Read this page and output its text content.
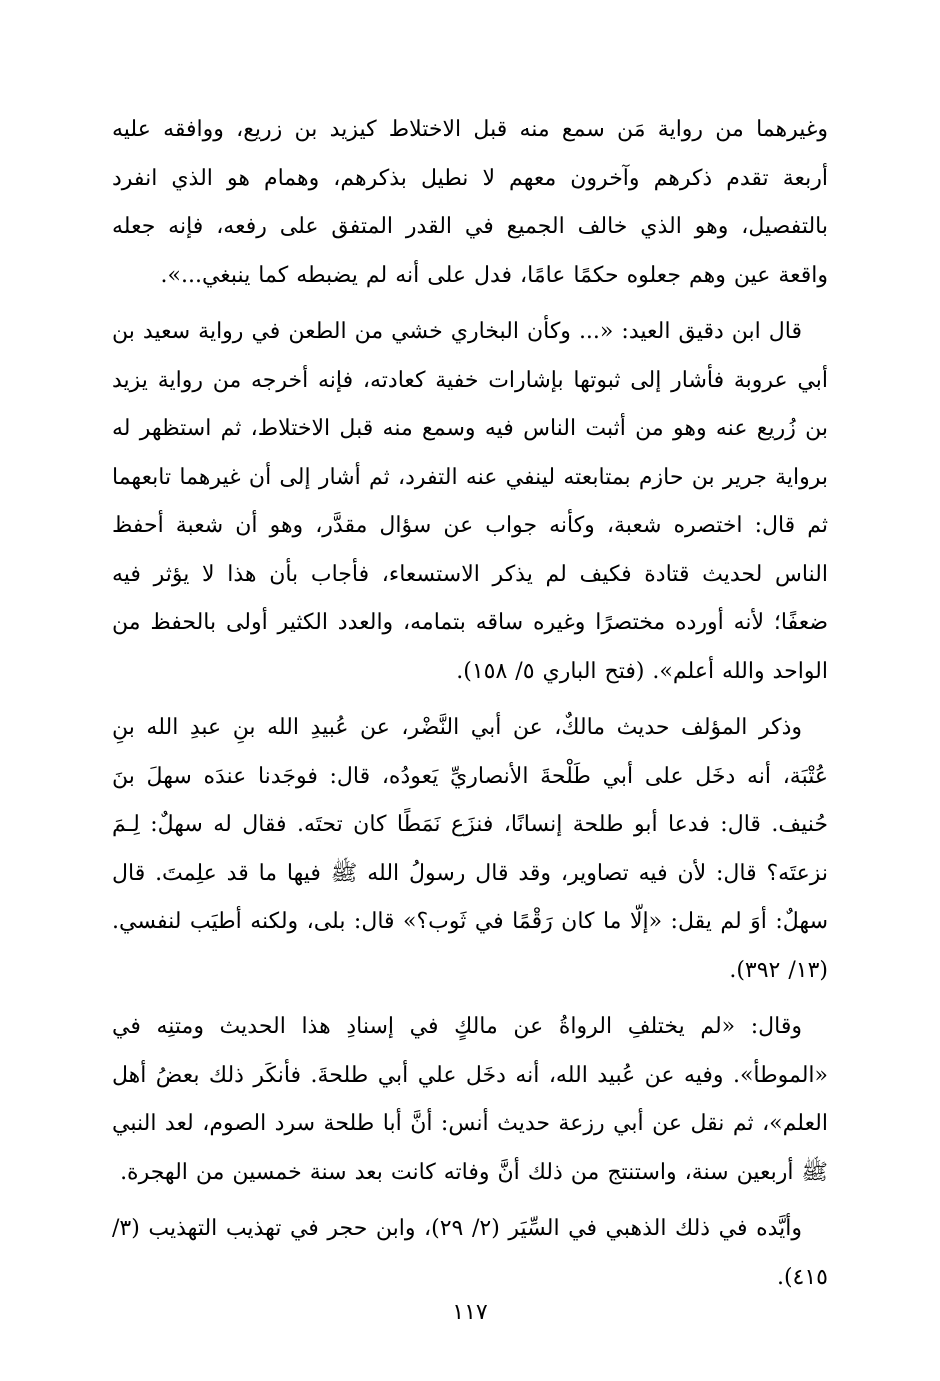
وغيرهما من رواية مَن سمع منه قبل الاختلاط كيزيد بن زريع، ووافقه عليه أربعة تقدم ذكرهم وآخرون معهم لا نطيل بذكرهم، وهمام هو الذي انفرد بالتفصيل، وهو الذي خالف الجميع في القدر المتفق على رفعه، فإنه جعله واقعة عين وهم جعلوه حكمًا عامًا، فدل على أنه لم يضبطه كما ينبغي...».

قال ابن دقيق العيد: «... وكأن البخاري خشي من الطعن في رواية سعيد بن أبي عروبة فأشار إلى ثبوتها بإشارات خفية كعادته، فإنه أخرجه من رواية يزيد بن زُريع عنه وهو من أثبت الناس فيه وسمع منه قبل الاختلاط، ثم استظهر له برواية جرير بن حازم بمتابعته لينفي عنه التفرد، ثم أشار إلى أن غيرهما تابعهما ثم قال: اختصره شعبة، وكأنه جواب عن سؤال مقدَّر، وهو أن شعبة أحفظ الناس لحديث قتادة فكيف لم يذكر الاستسعاء، فأجاب بأن هذا لا يؤثر فيه ضعفًا؛ لأنه أورده مختصرًا وغيره ساقه بتمامه، والعدد الكثير أولى بالحفظ من الواحد والله أعلم». (فتح الباري ٥/ ١٥٨).

وذكر المؤلف حديث مالكٌ، عن أبي النَّضْر، عن عُبيدِ الله بنِ عبدِ الله بنِ عُتْبَة، أنه دخَل على أبي طَلْحةَ الأنصاريِّ يَعودُه، قال: فوجَدنا عندَه سهلَ بنَ حُنيف. قال: فدعا أبو طلحة إنسانًا، فنزَع نَمَطًا كان تحتَه. فقال له سهلٌ: لِـمَ نزعتَه؟ قال: لأن فيه تصاوير، وقد قال رسولُ الله ﷺ فيها ما قد علِمتَ. قال سهلٌ: أوَ لم يقل: «إلّا ما كان رَقْمًا في ثَوب؟» قال: بلى، ولكنه أطيَب لنفسي. (١٣/ ٣٩٢).

وقال: «لم يختلفِ الرواةُ عن مالكٍ في إسنادِ هذا الحديث ومتنِه في «الموطأ». وفيه عن عُبيد الله، أنه دخَل علي أبي طلحةَ. فأنكَر ذلك بعضُ أهل العلم»، ثم نقل عن أبي رزعة حديث أنس: أنَّ أبا طلحة سرد الصوم، لعد النبي ﷺ أربعين سنة، واستنتج من ذلك أنَّ وفاته كانت بعد سنة خمسين من الهجرة.

وأيَّده في ذلك الذهبي في السِّيَر (٢/ ٢٩)، وابن حجر في تهذيب التهذيب (٣/ ٤١٥).

١١٧
